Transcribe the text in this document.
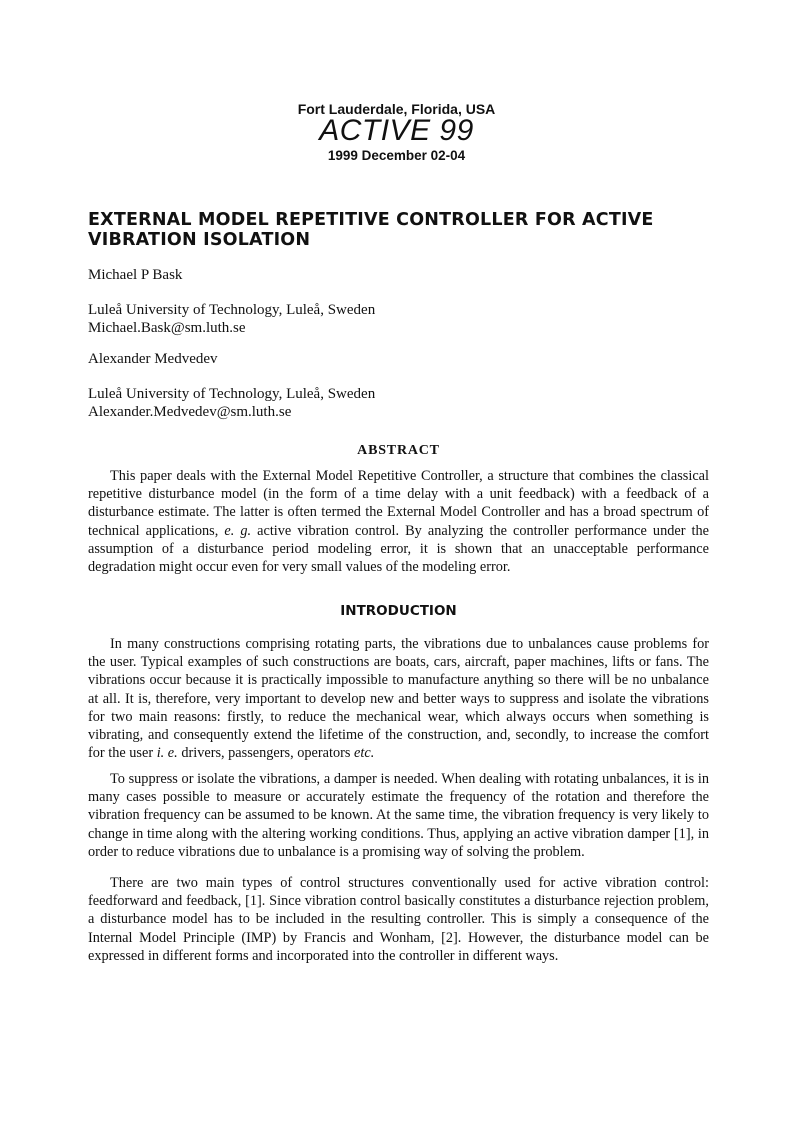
Fort Lauderdale, Florida, USA
ACTIVE 99
1999 December 02-04
EXTERNAL MODEL REPETITIVE CONTROLLER FOR ACTIVE VIBRATION ISOLATION
Michael P Bask
Luleå University of Technology, Luleå, Sweden
Michael.Bask@sm.luth.se
Alexander Medvedev
Luleå University of Technology, Luleå, Sweden
Alexander.Medvedev@sm.luth.se
ABSTRACT

This paper deals with the External Model Repetitive Controller, a structure that combines the classical repetitive disturbance model (in the form of a time delay with a unit feedback) with a feedback of a disturbance estimate. The latter is often termed the External Model Controller and has a broad spectrum of technical applications, e. g. active vibration control. By analyzing the controller performance under the assumption of a disturbance period modeling error, it is shown that an unacceptable performance degradation might occur even for very small values of the modeling error.

INTRODUCTION

In many constructions comprising rotating parts, the vibrations due to unbalances cause problems for the user. Typical examples of such constructions are boats, cars, aircraft, paper machines, lifts or fans. The vibrations occur because it is practically impossible to manufacture anything so there will be no unbalance at all. It is, therefore, very important to develop new and better ways to suppress and isolate the vibrations for two main reasons: firstly, to reduce the mechanical wear, which always occurs when something is vibrating, and consequently extend the lifetime of the construction, and, secondly, to increase the comfort for the user i. e. drivers, passengers, operators etc.

To suppress or isolate the vibrations, a damper is needed. When dealing with rotating unbalances, it is in many cases possible to measure or accurately estimate the frequency of the rotation and therefore the vibration frequency can be assumed to be known. At the same time, the vibration frequency is very likely to change in time along with the altering working conditions. Thus, applying an active vibration damper [1], in order to reduce vibrations due to unbalance is a promising way of solving the problem.

There are two main types of control structures conventionally used for active vibration control: feedforward and feedback, [1]. Since vibration control basically constitutes a disturbance rejection problem, a disturbance model has to be included in the resulting controller. This is simply a consequence of the Internal Model Principle (IMP) by Francis and Wonham, [2]. However, the disturbance model can be expressed in different forms and incorporated into the controller in different ways.
